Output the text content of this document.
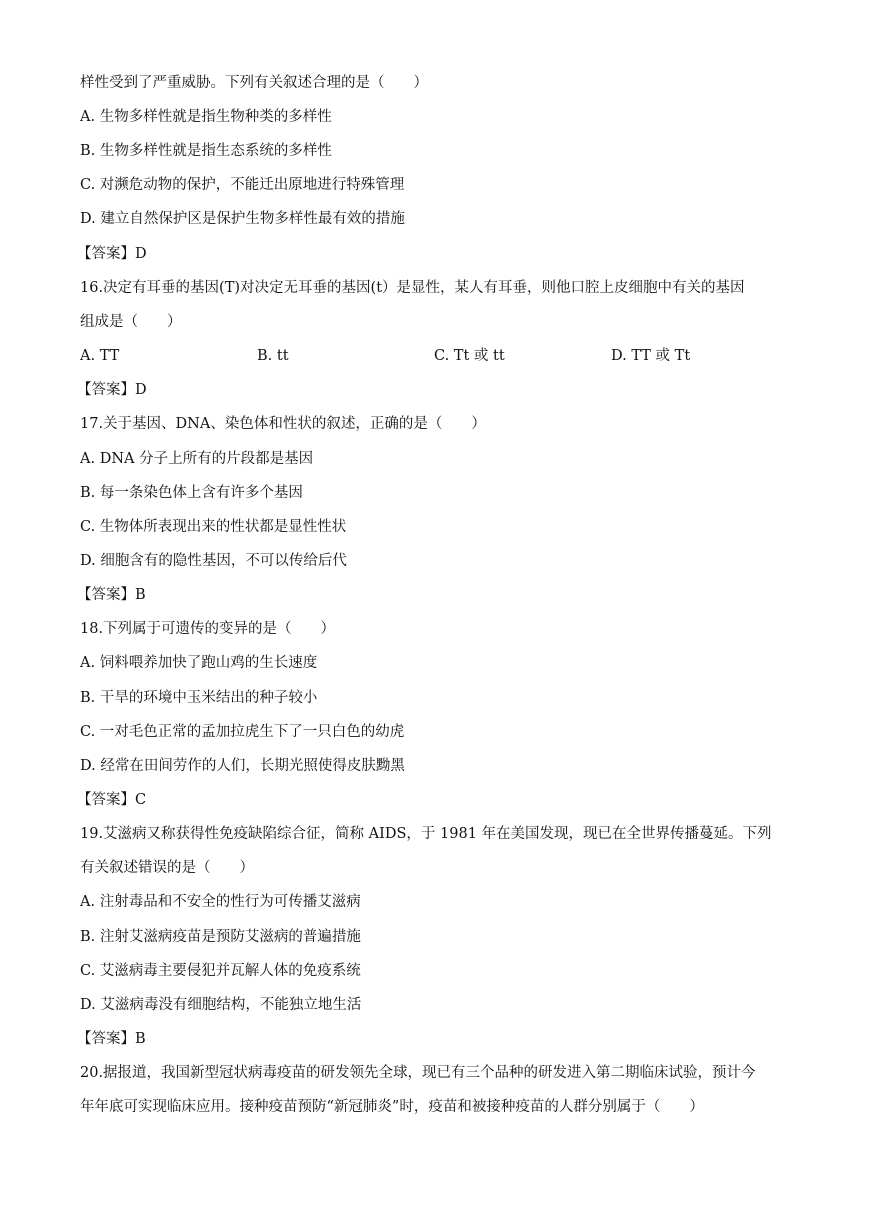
样性受到了严重威胁。下列有关叙述合理的是（　　）
A. 生物多样性就是指生物种类的多样性
B. 生物多样性就是指生态系统的多样性
C. 对濒危动物的保护，不能迁出原地进行特殊管理
D. 建立自然保护区是保护生物多样性最有效的措施
【答案】D
16.决定有耳垂的基因(T)对决定无耳垂的基因(t）是显性，某人有耳垂，则他口腔上皮细胞中有关的基因
组成是（　　）
A. TT	B. tt	C. Tt 或 tt	D. TT 或 Tt
【答案】D
17.关于基因、DNA、染色体和性状的叙述，正确的是（　　）
A. DNA 分子上所有的片段都是基因
B. 每一条染色体上含有许多个基因
C. 生物体所表现出来的性状都是显性性状
D. 细胞含有的隐性基因，不可以传给后代
【答案】B
18.下列属于可遗传的变异的是（　　）
A. 饲料喂养加快了跑山鸡的生长速度
B. 干旱的环境中玉米结出的种子较小
C. 一对毛色正常的孟加拉虎生下了一只白色的幼虎
D. 经常在田间劳作的人们，长期光照使得皮肤黝黑
【答案】C
19.艾滋病又称获得性免疫缺陷综合征，简称 AIDS，于 1981 年在美国发现，现已在全世界传播蔓延。下列
有关叙述错误的是（　　）
A. 注射毒品和不安全的性行为可传播艾滋病
B. 注射艾滋病疫苗是预防艾滋病的普遍措施
C. 艾滋病毒主要侵犯并瓦解人体的免疫系统
D. 艾滋病毒没有细胞结构，不能独立地生活
【答案】B
20.据报道，我国新型冠状病毒疫苗的研发领先全球，现已有三个品种的研发进入第二期临床试验，预计今
年年底可实现临床应用。接种疫苗预防“新冠肺炎”时，疫苗和被接种疫苗的人群分别属于（　　）
